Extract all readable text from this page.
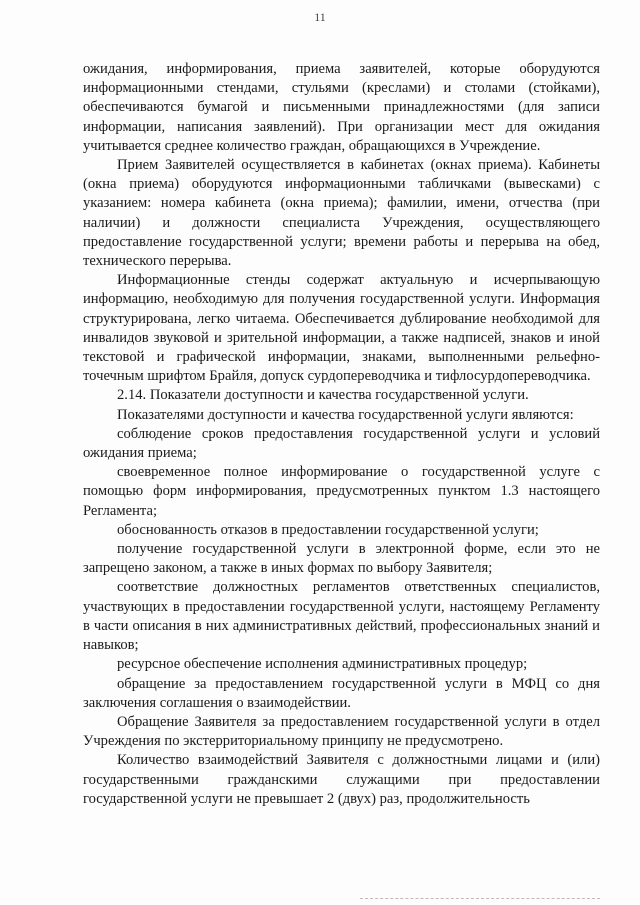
11

ожидания, информирования, приема заявителей, которые оборудуются информационными стендами, стульями (креслами) и столами (стойками), обеспечиваются бумагой и письменными принадлежностями (для записи информации, написания заявлений). При организации мест для ожидания учитывается среднее количество граждан, обращающихся в Учреждение.

Прием Заявителей осуществляется в кабинетах (окнах приема). Кабинеты (окна приема) оборудуются информационными табличками (вывесками) с указанием: номера кабинета (окна приема); фамилии, имени, отчества (при наличии) и должности специалиста Учреждения, осуществляющего предоставление государственной услуги; времени работы и перерыва на обед, технического перерыва.

Информационные стенды содержат актуальную и исчерпывающую информацию, необходимую для получения государственной услуги. Информация структурирована, легко читаема. Обеспечивается дублирование необходимой для инвалидов звуковой и зрительной информации, а также надписей, знаков и иной текстовой и графической информации, знаками, выполненными рельефно-точечным шрифтом Брайля, допуск сурдопереводчика и тифлосурдопереводчика.

2.14. Показатели доступности и качества государственной услуги.

Показателями доступности и качества государственной услуги являются:

соблюдение сроков предоставления государственной услуги и условий ожидания приема;

своевременное полное информирование о государственной услуге с помощью форм информирования, предусмотренных пунктом 1.3 настоящего Регламента;

обоснованность отказов в предоставлении государственной услуги;

получение государственной услуги в электронной форме, если это не запрещено законом, а также в иных формах по выбору Заявителя;

соответствие должностных регламентов ответственных специалистов, участвующих в предоставлении государственной услуги, настоящему Регламенту в части описания в них административных действий, профессиональных знаний и навыков;

ресурсное обеспечение исполнения административных процедур;

обращение за предоставлением государственной услуги в МФЦ со дня заключения соглашения о взаимодействии.

Обращение Заявителя за предоставлением государственной услуги в отдел Учреждения по экстерриториальному принципу не предусмотрено.

Количество взаимодействий Заявителя с должностными лицами и (или) государственными гражданскими служащими при предоставлении государственной услуги не превышает 2 (двух) раз, продолжительность
